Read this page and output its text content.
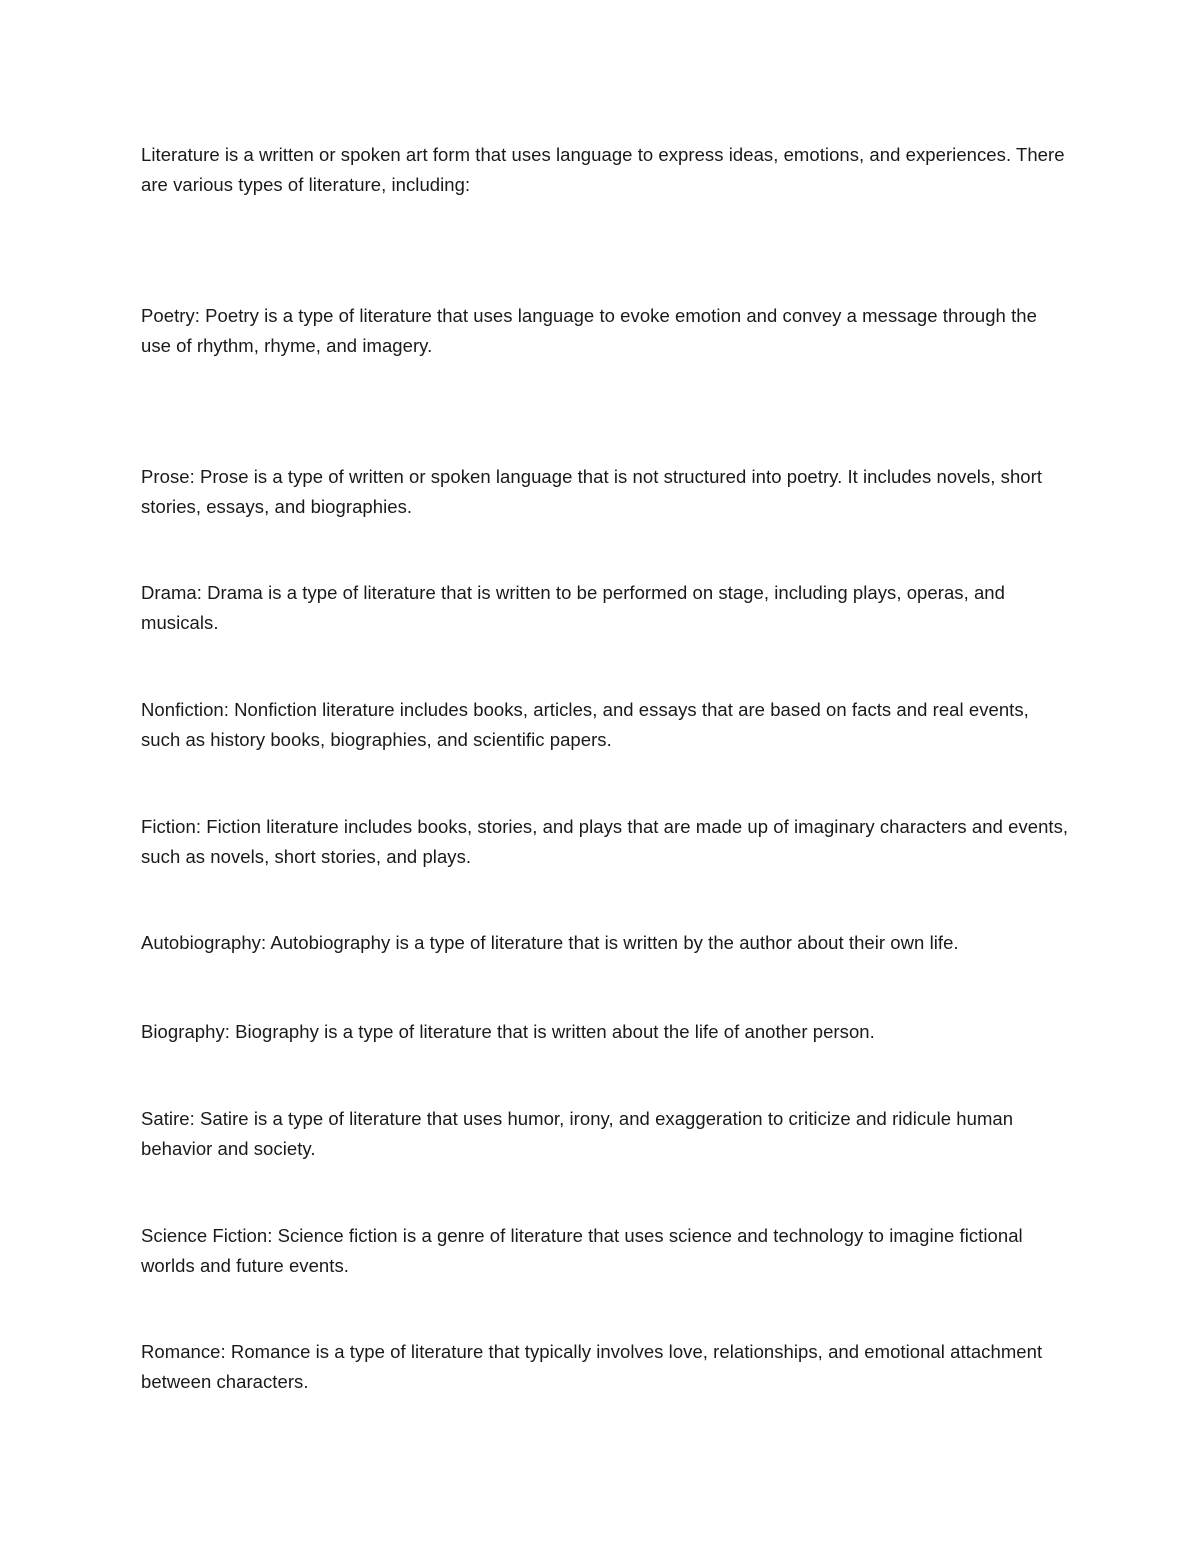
Literature is a written or spoken art form that uses language to express ideas, emotions, and experiences. There are various types of literature, including:

Poetry: Poetry is a type of literature that uses language to evoke emotion and convey a message through the use of rhythm, rhyme, and imagery.

Prose: Prose is a type of written or spoken language that is not structured into poetry. It includes novels, short stories, essays, and biographies.

Drama: Drama is a type of literature that is written to be performed on stage, including plays, operas, and musicals.

Nonfiction: Nonfiction literature includes books, articles, and essays that are based on facts and real events, such as history books, biographies, and scientific papers.

Fiction: Fiction literature includes books, stories, and plays that are made up of imaginary characters and events, such as novels, short stories, and plays.

Autobiography: Autobiography is a type of literature that is written by the author about their own life.

Biography: Biography is a type of literature that is written about the life of another person.

Satire: Satire is a type of literature that uses humor, irony, and exaggeration to criticize and ridicule human behavior and society.

Science Fiction: Science fiction is a genre of literature that uses science and technology to imagine fictional worlds and future events.

Romance: Romance is a type of literature that typically involves love, relationships, and emotional attachment between characters.
